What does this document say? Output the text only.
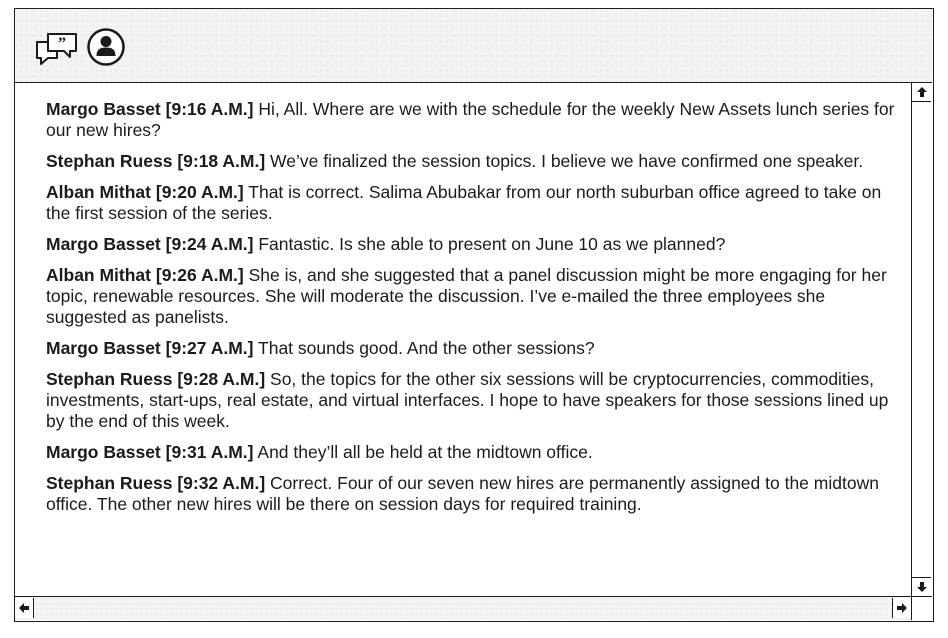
”
Margo Basset [9:16 A.M.] Hi, All. Where are we with the schedule for the weekly New Assets lunch series for our new hires?
Stephan Ruess [9:18 A.M.] We’ve finalized the session topics. I believe we have confirmed one speaker.
Alban Mithat [9:20 A.M.] That is correct. Salima Abubakar from our north suburban office agreed to take on the first session of the series.
Margo Basset [9:24 A.M.] Fantastic. Is she able to present on June 10 as we planned?
Alban Mithat [9:26 A.M.] She is, and she suggested that a panel discussion might be more engaging for her topic, renewable resources. She will moderate the discussion. I’ve e-mailed the three employees she suggested as panelists.
Margo Basset [9:27 A.M.] That sounds good. And the other sessions?
Stephan Ruess [9:28 A.M.] So, the topics for the other six sessions will be cryptocurrencies, commodities, investments, start-ups, real estate, and virtual interfaces. I hope to have speakers for those sessions lined up by the end of this week.
Margo Basset [9:31 A.M.] And they’ll all be held at the midtown office.
Stephan Ruess [9:32 A.M.] Correct. Four of our seven new hires are permanently assigned to the midtown office. The other new hires will be there on session days for required training.
